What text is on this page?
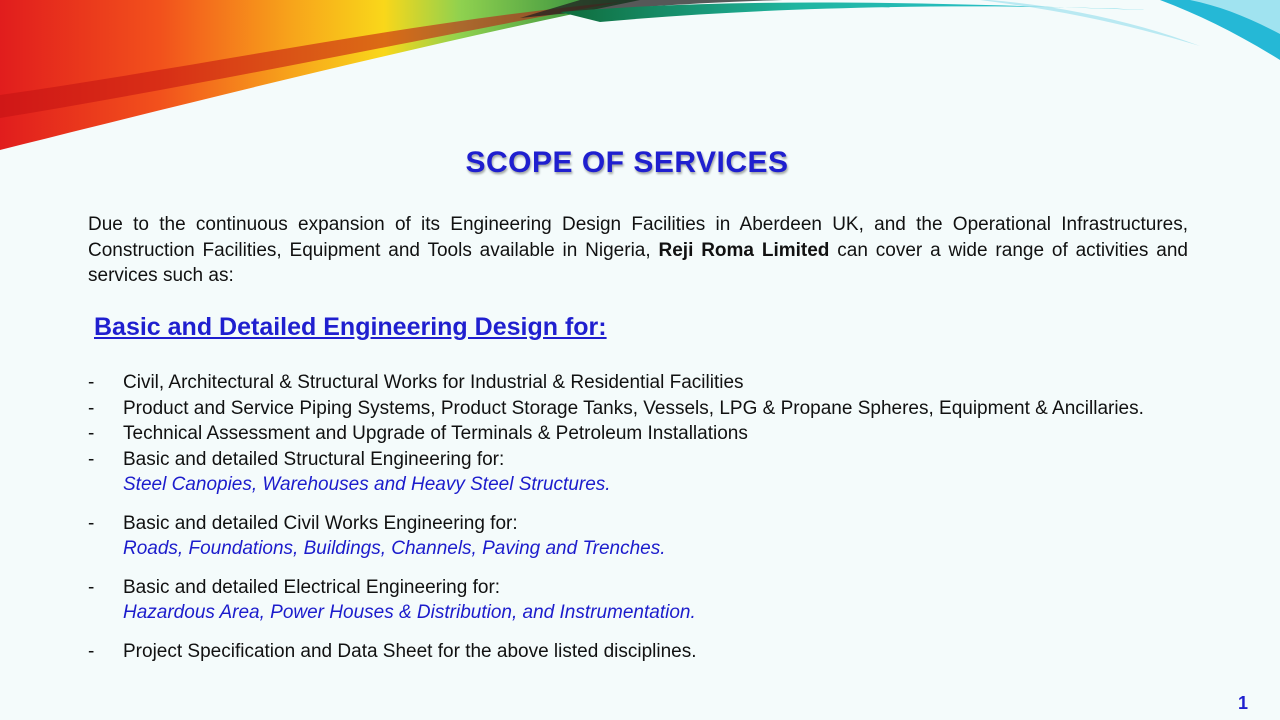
SCOPE OF SERVICES

Due to the continuous expansion of its Engineering Design Facilities in Aberdeen UK, and the Operational Infrastructures, Construction Facilities, Equipment and Tools available in Nigeria, Reji Roma Limited can cover a wide range of activities and services such as:

Basic and Detailed Engineering Design for:
- Civil, Architectural & Structural Works for Industrial & Residential Facilities
- Product and Service Piping Systems, Product Storage Tanks, Vessels, LPG & Propane Spheres, Equipment & Ancillaries.
- Technical Assessment and Upgrade of Terminals & Petroleum Installations
- Basic and detailed Structural Engineering for:
Steel Canopies, Warehouses and Heavy Steel Structures.
- Basic and detailed Civil Works Engineering for:
Roads, Foundations, Buildings, Channels, Paving and Trenches.
- Basic and detailed Electrical Engineering for:
Hazardous Area, Power Houses & Distribution, and Instrumentation.
- Project Specification and Data Sheet for the above listed disciplines.
1
